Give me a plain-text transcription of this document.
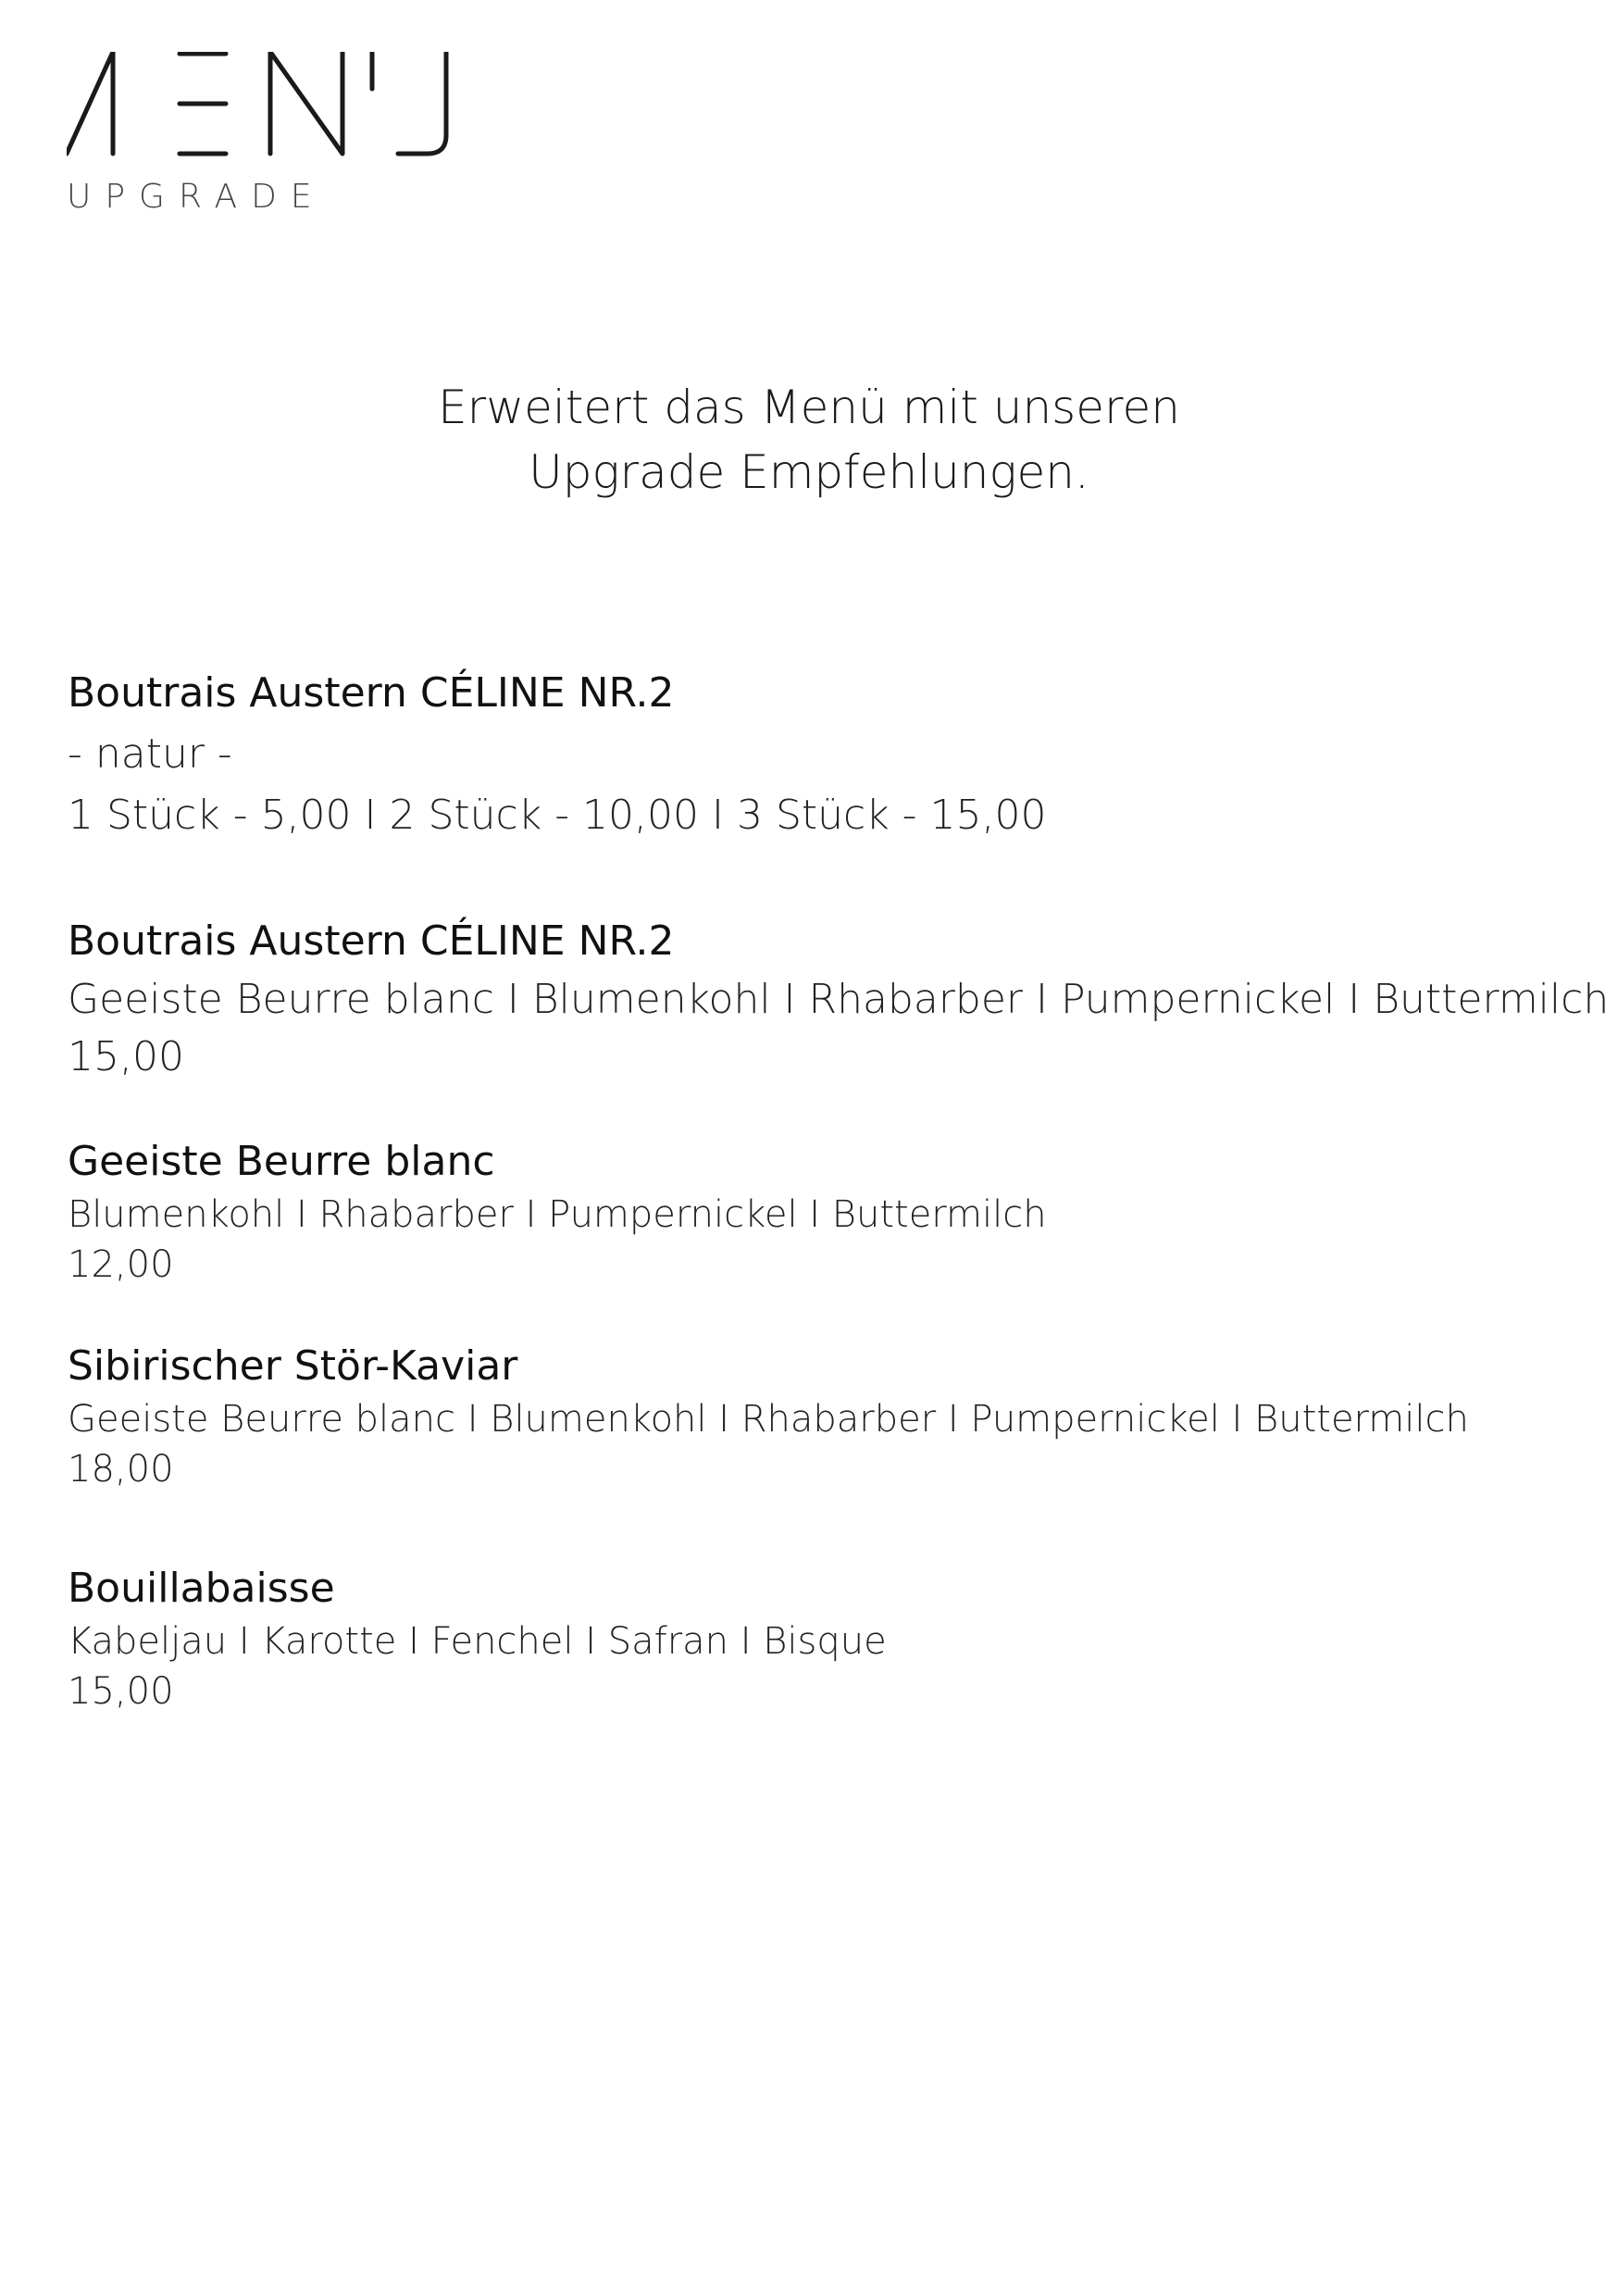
UPGRADE
Erweitert das Menü mit unseren
Upgrade Empfehlungen.
Boutrais Austern CÉLINE NR.2
- natur -
1 Stück - 5,00 I 2 Stück - 10,00 I 3 Stück - 15,00
Boutrais Austern CÉLINE NR.2
Geeiste Beurre blanc I Blumenkohl I Rhabarber I Pumpernickel I Buttermilch
15,00
Geeiste Beurre blanc
Blumenkohl I Rhabarber I Pumpernickel I Buttermilch
12,00
Sibirischer Stör-Kaviar
Geeiste Beurre blanc I Blumenkohl I Rhabarber I Pumpernickel I Buttermilch
18,00
Bouillabaisse
Kabeljau I Karotte I Fenchel I Safran I Bisque
15,00
